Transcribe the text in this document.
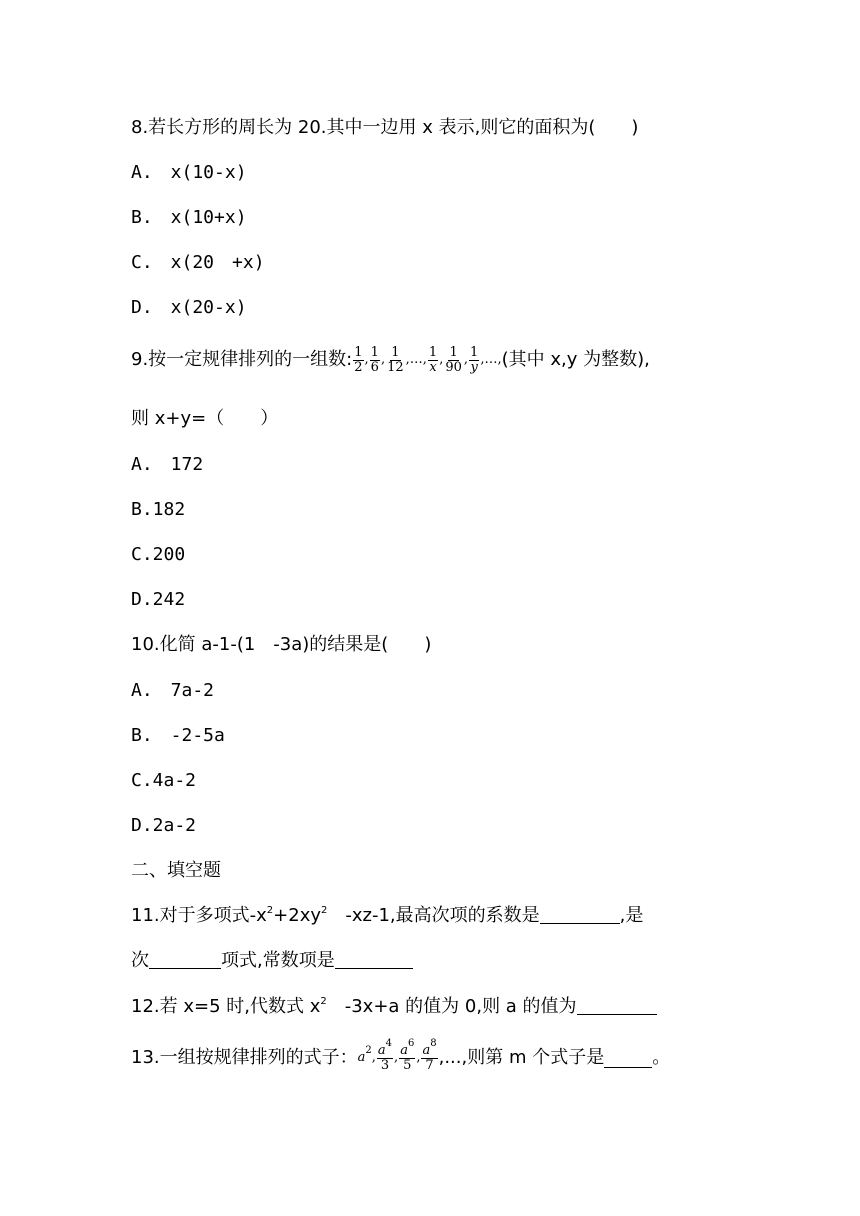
8.若长方形的周长为 20.其中一边用 x 表示,则它的面积为(　　)
A.　x(10-x)
B.　x(10+x)
C.　x(20　+x)
D.　x(20-x)
9.按一定规律排列的一组数: $\frac{1}{2}$ , $\frac{1}{6}$ , $\frac{1}{12}$ , …, $\frac{1}{x}$ , $\frac{1}{90}$ , $\frac{1}{y}$ ,…, (其中 x,y 为整数),
则 x+y=（　　）
A.　172
B.182
C.200
D.242
10.化简 a-1-(1　-3a)的结果是(　　)
A.　7a-2
B.　-2-5a
C.4a-2
D.2a-2
二、填空题
11.对于多项式$-x^2+2xy^2$　-xz-1,最高次项的系数是	,是
次	项式,常数项是
12.若 x=5 时,代数式 $x^2$　-3x+a 的值为 0,则 a 的值为
13.一组按规律排列的式子： $a^2$ , $\frac{a^4}{3}$ , $\frac{a^6}{5}$ , $\frac{a^8}{7}$ ,...,则第 m 个式子是	。
